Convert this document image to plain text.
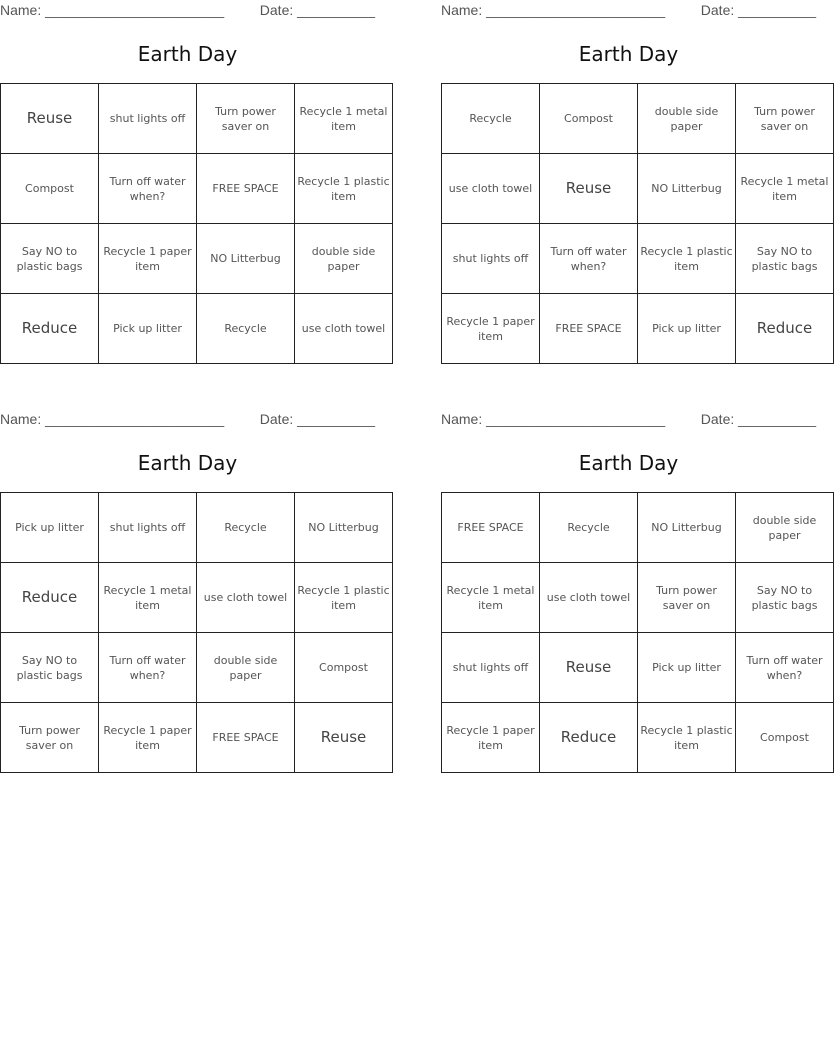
Name: _______________________	Date: __________
Earth Day
Reuse	shut lights off	Turn power saver on	Recycle 1 metal item
Compost	Turn off water when?	FREE SPACE	Recycle 1 plastic item
Say NO to plastic bags	Recycle 1 paper item	NO Litterbug	double side paper
Reduce	Pick up litter	Recycle	use cloth towel
Name: _______________________	Date: __________
Earth Day
Recycle	Compost	double side paper	Turn power saver on
use cloth towel	Reuse	NO Litterbug	Recycle 1 metal item
shut lights off	Turn off water when?	Recycle 1 plastic item	Say NO to plastic bags
Recycle 1 paper item	FREE SPACE	Pick up litter	Reduce
Name: _______________________	Date: __________
Earth Day
Pick up litter	shut lights off	Recycle	NO Litterbug
Reduce	Recycle 1 metal item	use cloth towel	Recycle 1 plastic item
Say NO to plastic bags	Turn off water when?	double side paper	Compost
Turn power saver on	Recycle 1 paper item	FREE SPACE	Reuse
Name: _______________________	Date: __________
Earth Day
FREE SPACE	Recycle	NO Litterbug	double side paper
Recycle 1 metal item	use cloth towel	Turn power saver on	Say NO to plastic bags
shut lights off	Reuse	Pick up litter	Turn off water when?
Recycle 1 paper item	Reduce	Recycle 1 plastic item	Compost
